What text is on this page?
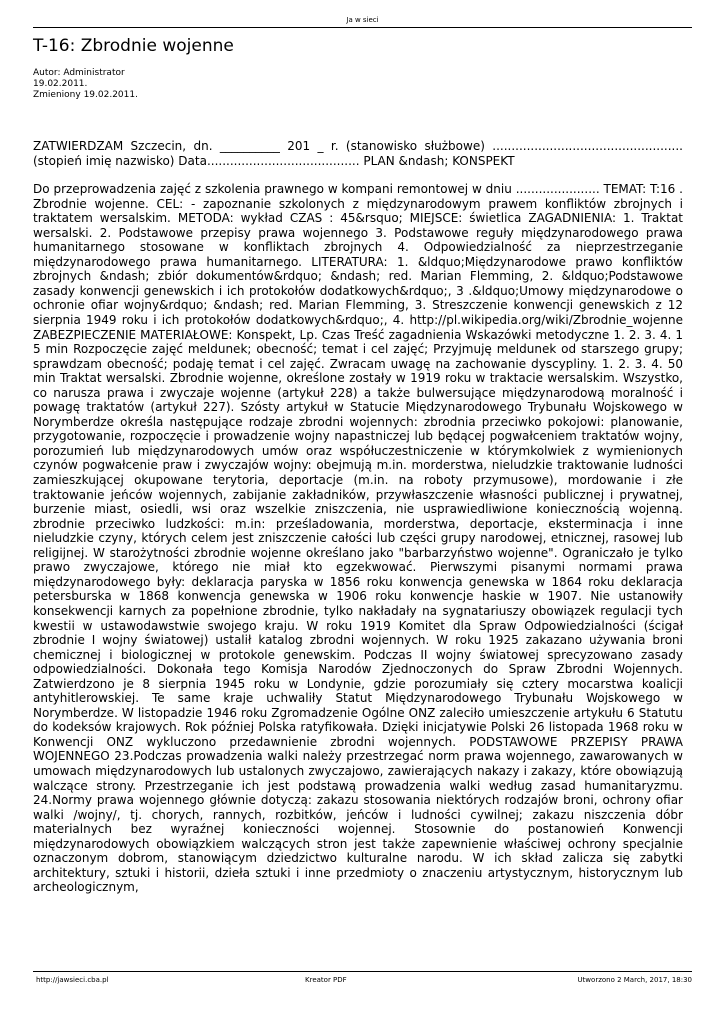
Ja w sieci
T-16: Zbrodnie wojenne
Autor: Administrator
19.02.2011.
Zmieniony 19.02.2011.

ZATWIERDZAM Szczecin, dn. __________ 201 _ r. (stanowisko służbowe) .................................................. (stopień imię nazwisko) Data........................................ PLAN &ndash; KONSPEKT

Do przeprowadzenia zajęć z szkolenia prawnego w kompani remontowej w dniu ...................... TEMAT: T:16 . Zbrodnie wojenne. CEL: - zapoznanie szkolonych z międzynarodowym prawem konfliktów zbrojnych i traktatem wersalskim. METODA: wykład CZAS : 45&rsquo; MIEJSCE: świetlica ZAGADNIENIA: 1. Traktat wersalski. 2. Podstawowe przepisy prawa wojennego 3. Podstawowe reguły międzynarodowego prawa humanitarnego stosowane w konfliktach zbrojnych 4. Odpowiedzialność za nieprzestrzeganie międzynarodowego prawa humanitarnego. LITERATURA: 1. &ldquo;Międzynarodowe prawo konfliktów zbrojnych &ndash; zbiór dokumentów&rdquo; &ndash; red. Marian Flemming, 2. &ldquo;Podstawowe zasady konwencji genewskich i ich protokołów dodatkowych&rdquo;, 3 .&ldquo;Umowy międzynarodowe o ochronie ofiar wojny&rdquo; &ndash; red. Marian Flemming, 3. Streszczenie konwencji genewskich z 12 sierpnia 1949 roku i ich protokołów dodatkowych&rdquo;, 4. http://pl.wikipedia.org/wiki/Zbrodnie_wojenne ZABEZPIECZENIE MATERIAŁOWE: Konspekt, Lp. Czas Treść zagadnienia Wskazówki metodyczne 1. 2. 3. 4. 1 5 min Rozpoczęcie zajęć meldunek; obecność; temat i cel zajęć; Przyjmuję meldunek od starszego grupy; sprawdzam obecność; podaję temat i cel zajęć. Zwracam uwagę na zachowanie dyscypliny. 1. 2. 3. 4. 50 min Traktat wersalski. Zbrodnie wojenne, określone zostały w 1919 roku w traktacie wersalskim. Wszystko, co narusza prawa i zwyczaje wojenne (artykuł 228) a także bulwersujące międzynarodową moralność i powagę traktatów (artykuł 227). Szósty artykuł w Statucie Międzynarodowego Trybunału Wojskowego w Norymberdze określa następujące rodzaje zbrodni wojennych: zbrodnia przeciwko pokojowi: planowanie, przygotowanie, rozpoczęcie i prowadzenie wojny napastniczej lub będącej pogwałceniem traktatów wojny, porozumień lub międzynarodowych umów oraz współuczestniczenie w którymkolwiek z wymienionych czynów pogwałcenie praw i zwyczajów wojny: obejmują m.in. morderstwa, nieludzkie traktowanie ludności zamieszkującej okupowane terytoria, deportacje (m.in. na roboty przymusowe), mordowanie i złe traktowanie jeńców wojennych, zabijanie zakładników, przywłaszczenie własności publicznej i prywatnej, burzenie miast, osiedli, wsi oraz wszelkie zniszczenia, nie usprawiedliwione koniecznością wojenną. zbrodnie przeciwko ludzkości: m.in: prześladowania, morderstwa, deportacje, eksterminacja i inne nieludzkie czyny, których celem jest zniszczenie całości lub części grupy narodowej, etnicznej, rasowej lub religijnej. W starożytności zbrodnie wojenne określano jako "barbarzyństwo wojenne". Ograniczało je tylko prawo zwyczajowe, którego nie miał kto egzekwować. Pierwszymi pisanymi normami prawa międzynarodowego były: deklaracja paryska w 1856 roku konwencja genewska w 1864 roku deklaracja petersburska w 1868 konwencja genewska w 1906 roku konwencje haskie w 1907. Nie ustanowiły konsekwencji karnych za popełnione zbrodnie, tylko nakładały na sygnatariuszy obowiązek regulacji tych kwestii w ustawodawstwie swojego kraju. W roku 1919 Komitet dla Spraw Odpowiedzialności (ścigał zbrodnie I wojny światowej) ustalił katalog zbrodni wojennych. W roku 1925 zakazano używania broni chemicznej i biologicznej w protokole genewskim. Podczas II wojny światowej sprecyzowano zasady odpowiedzialności. Dokonała tego Komisja Narodów Zjednoczonych do Spraw Zbrodni Wojennych. Zatwierdzono je 8 sierpnia 1945 roku w Londynie, gdzie porozumiały się cztery mocarstwa koalicji antyhitlerowskiej. Te same kraje uchwaliły Statut Międzynarodowego Trybunału Wojskowego w Norymberdze. W listopadzie 1946 roku Zgromadzenie Ogólne ONZ zaleciło umieszczenie artykułu 6 Statutu do kodeksów krajowych. Rok później Polska ratyfikowała. Dzięki inicjatywie Polski 26 listopada 1968 roku w Konwencji ONZ wykluczono przedawnienie zbrodni wojennych. PODSTAWOWE PRZEPISY PRAWA WOJENNEGO 23.Podczas prowadzenia walki należy przestrzegać norm prawa wojennego, zawarowanych w umowach międzynarodowych lub ustalonych zwyczajowo, zawierających nakazy i zakazy, które obowiązują walczące strony. Przestrzeganie ich jest podstawą prowadzenia walki według zasad humanitaryzmu. 24.Normy prawa wojennego głównie dotyczą: zakazu stosowania niektórych rodzajów broni, ochrony ofiar walki /wojny/, tj. chorych, rannych, rozbitków, jeńców i ludności cywilnej; zakazu niszczenia dóbr materialnych bez wyraźnej konieczności wojennej. Stosownie do postanowień Konwencji międzynarodowych obowiązkiem walczących stron jest także zapewnienie właściwej ochrony specjalnie oznaczonym dobrom, stanowiącym dziedzictwo kulturalne narodu. W ich skład zalicza się zabytki architektury, sztuki i historii, dzieła sztuki i inne przedmioty o znaczeniu artystycznym, historycznym lub archeologicznym,

http://jawsieci.cba.pl	Kreator PDF	Utworzono 2 March, 2017, 18:30
